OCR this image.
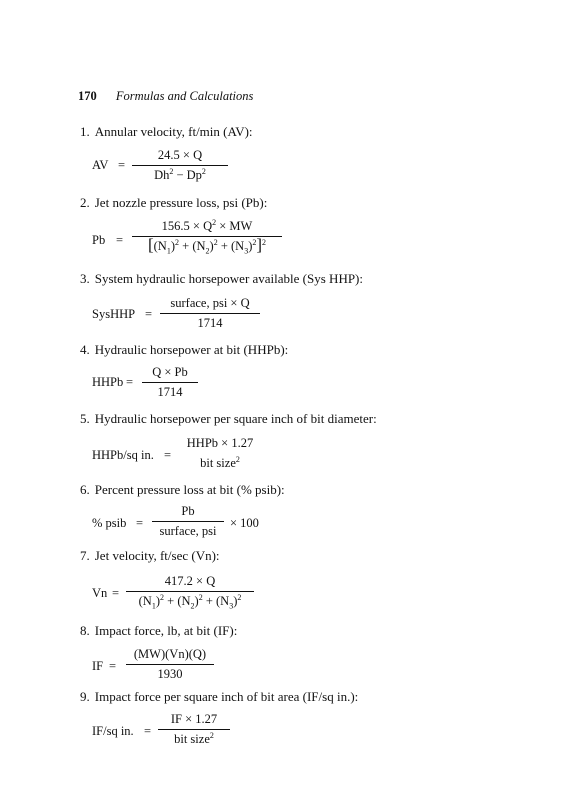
170 Formulas and Calculations
1. Annular velocity, ft/min (AV):
AV =
24.5 × Q
$Dh^2 - Dp^2$
2. Jet nozzle pressure loss, psi (Pb):
Pb =
$156.5 \times Q^2$ × MW
$[(N_1)^2 + (N_2)^2 + (N_3)^2]^2$
3. System hydraulic horsepower available (Sys HHP):
SysHHP =
surface, psi × Q
1714
4. Hydraulic horsepower at bit (HHPb):
HHPb =
Q × Pb
1714
5. Hydraulic horsepower per square inch of bit diameter:
HHPb/sq in. =
HHPb × 1.27
bit size$^2$
6. Percent pressure loss at bit (% psib):
% psib =
Pb
surface, psi
× 100
7. Jet velocity, ft/sec (Vn):
Vn =
417.2 × Q
$(N_1)^2 + (N_2)^2 + (N_3)^2$
8. Impact force, lb, at bit (IF):
IF =
(MW)(Vn)(Q)
1930
9. Impact force per square inch of bit area (IF/sq in.):
IF/sq in. =
IF × 1.27
bit size$^2$
